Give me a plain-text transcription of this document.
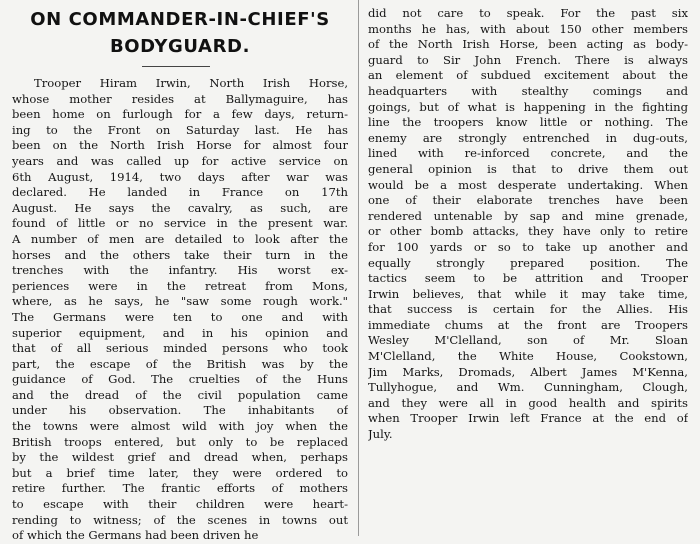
ON COMMANDER-IN-CHIEF'S
BODYGUARD.
Trooper Hiram Irwin, North Irish Horse,
whose mother resides at Ballymaguire, has
been home on furlough for a few days, return-
ing to the Front on Saturday last. He has
been on the North Irish Horse for almost four
years and was called up for active service on
6th August, 1914, two days after war was
declared. He landed in France on 17th
August. He says the cavalry, as such, are
found of little or no service in the present war.
A number of men are detailed to look after the
horses and the others take their turn in the
trenches with the infantry. His worst ex-
periences were in the retreat from Mons,
where, as he says, he "saw some rough work."
The Germans were ten to one and with
superior equipment, and in his opinion and
that of all serious minded persons who took
part, the escape of the British was by the
guidance of God. The cruelties of the Huns
and the dread of the civil population came
under his observation. The inhabitants of
the towns were almost wild with joy when the
British troops entered, but only to be replaced
by the wildest grief and dread when, perhaps
but a brief time later, they were ordered to
retire further. The frantic efforts of mothers
to escape with their children were heart-
rending to witness; of the scenes in towns out
of which the Germans had been driven he
did not care to speak. For the past six
months he has, with about 150 other members
of the North Irish Horse, been acting as body-
guard to Sir John French. There is always
an element of subdued excitement about the
headquarters with stealthy comings and
goings, but of what is happening in the fighting
line the troopers know little or nothing. The
enemy are strongly entrenched in dug-outs,
lined with re-inforced concrete, and the
general opinion is that to drive them out
would be a most desperate undertaking. When
one of their elaborate trenches have been
rendered untenable by sap and mine grenade,
or other bomb attacks, they have only to retire
for 100 yards or so to take up another and
equally strongly prepared position. The
tactics seem to be attrition and Trooper
Irwin believes, that while it may take time,
that success is certain for the Allies. His
immediate chums at the front are Troopers
Wesley M'Clelland, son of Mr. Sloan
M'Clelland, the White House, Cookstown,
Jim Marks, Dromads, Albert James M'Kenna,
Tullyhogue, and Wm. Cunningham, Clough,
and they were all in good health and spirits
when Trooper Irwin left France at the end of
July.
